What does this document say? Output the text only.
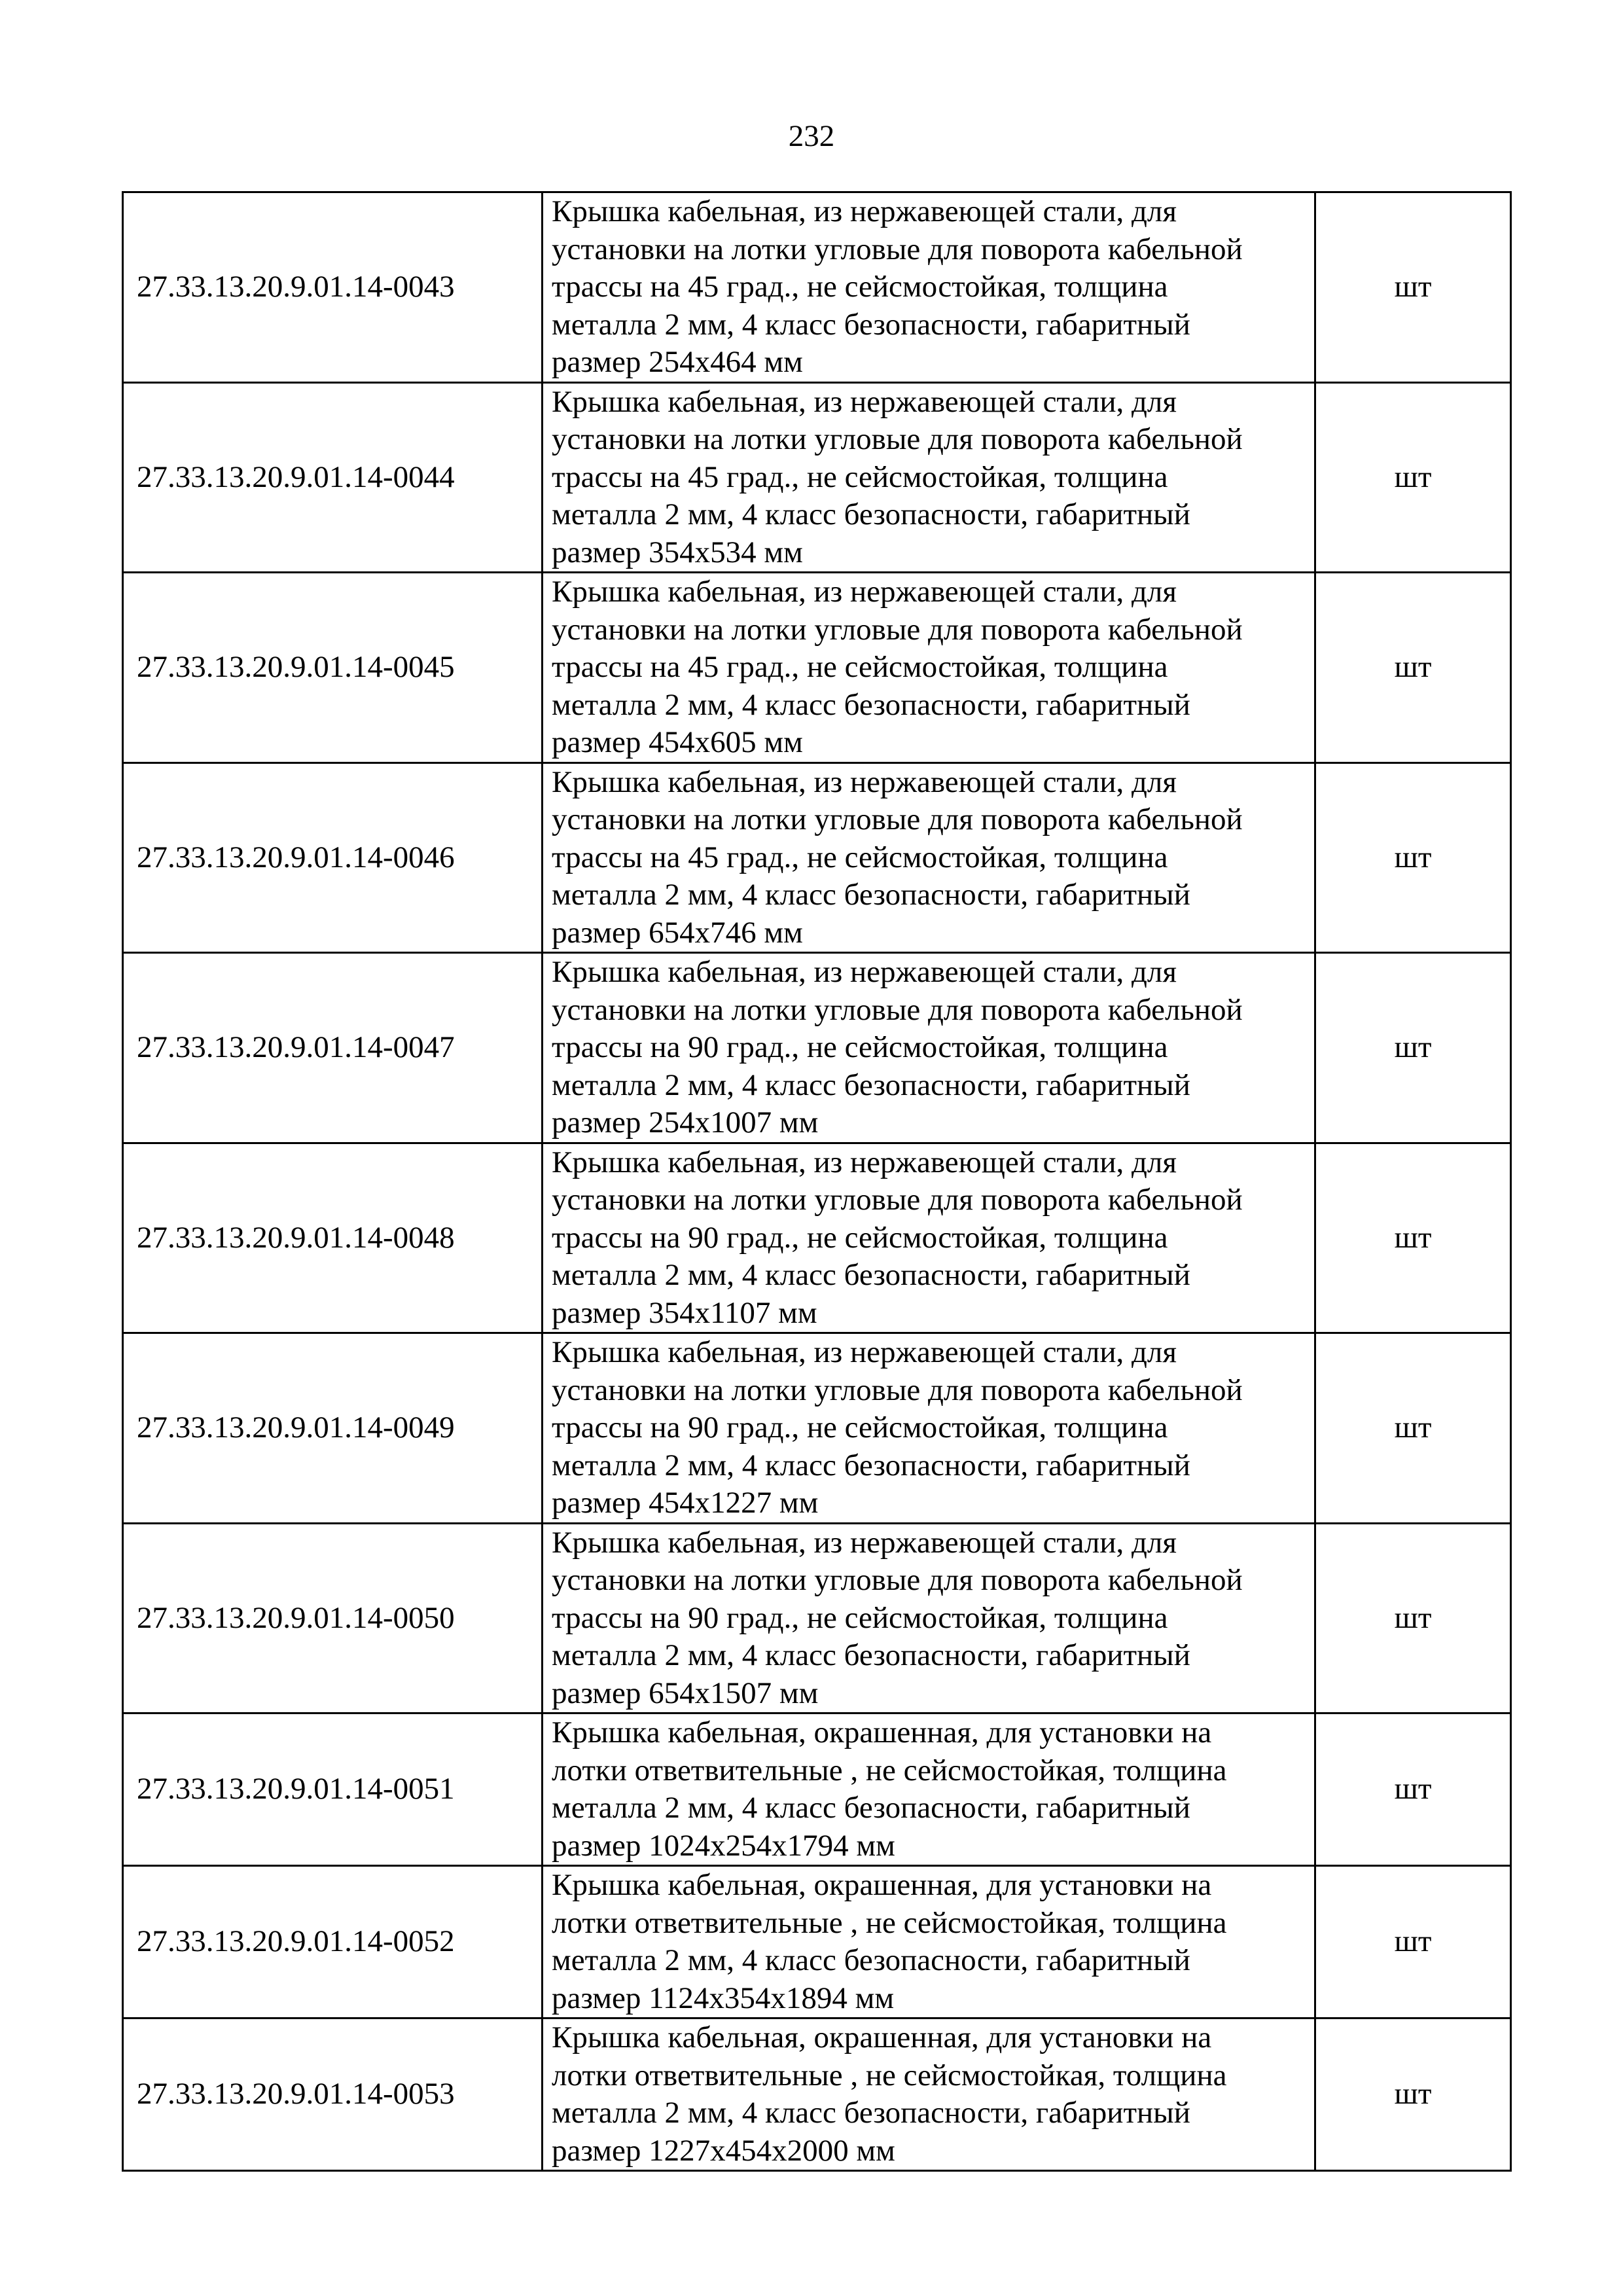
232
27.33.13.20.9.01.14-0043	Крышка кабельная, из нержавеющей стали, для
установки на лотки угловые для поворота кабельной
трассы на 45 град., не сейсмостойкая, толщина
металла 2 мм, 4 класс безопасности, габаритный
размер 254х464 мм	шт
27.33.13.20.9.01.14-0044	Крышка кабельная, из нержавеющей стали, для
установки на лотки угловые для поворота кабельной
трассы на 45 град., не сейсмостойкая, толщина
металла 2 мм, 4 класс безопасности, габаритный
размер 354х534 мм	шт
27.33.13.20.9.01.14-0045	Крышка кабельная, из нержавеющей стали, для
установки на лотки угловые для поворота кабельной
трассы на 45 град., не сейсмостойкая, толщина
металла 2 мм, 4 класс безопасности, габаритный
размер 454х605 мм	шт
27.33.13.20.9.01.14-0046	Крышка кабельная, из нержавеющей стали, для
установки на лотки угловые для поворота кабельной
трассы на 45 град., не сейсмостойкая, толщина
металла 2 мм, 4 класс безопасности, габаритный
размер 654х746 мм	шт
27.33.13.20.9.01.14-0047	Крышка кабельная, из нержавеющей стали, для
установки на лотки угловые для поворота кабельной
трассы на 90 град., не сейсмостойкая, толщина
металла 2 мм, 4 класс безопасности, габаритный
размер 254х1007 мм	шт
27.33.13.20.9.01.14-0048	Крышка кабельная, из нержавеющей стали, для
установки на лотки угловые для поворота кабельной
трассы на 90 град., не сейсмостойкая, толщина
металла 2 мм, 4 класс безопасности, габаритный
размер 354х1107 мм	шт
27.33.13.20.9.01.14-0049	Крышка кабельная, из нержавеющей стали, для
установки на лотки угловые для поворота кабельной
трассы на 90 град., не сейсмостойкая, толщина
металла 2 мм, 4 класс безопасности, габаритный
размер 454х1227 мм	шт
27.33.13.20.9.01.14-0050	Крышка кабельная, из нержавеющей стали, для
установки на лотки угловые для поворота кабельной
трассы на 90 град., не сейсмостойкая, толщина
металла 2 мм, 4 класс безопасности, габаритный
размер 654х1507 мм	шт
27.33.13.20.9.01.14-0051	Крышка кабельная, окрашенная, для установки на
лотки ответвительные , не сейсмостойкая, толщина
металла 2 мм, 4 класс безопасности, габаритный
размер 1024х254х1794 мм	шт
27.33.13.20.9.01.14-0052	Крышка кабельная, окрашенная, для установки на
лотки ответвительные , не сейсмостойкая, толщина
металла 2 мм, 4 класс безопасности, габаритный
размер 1124х354х1894 мм	шт
27.33.13.20.9.01.14-0053	Крышка кабельная, окрашенная, для установки на
лотки ответвительные , не сейсмостойкая, толщина
металла 2 мм, 4 класс безопасности, габаритный
размер 1227х454х2000 мм	шт
